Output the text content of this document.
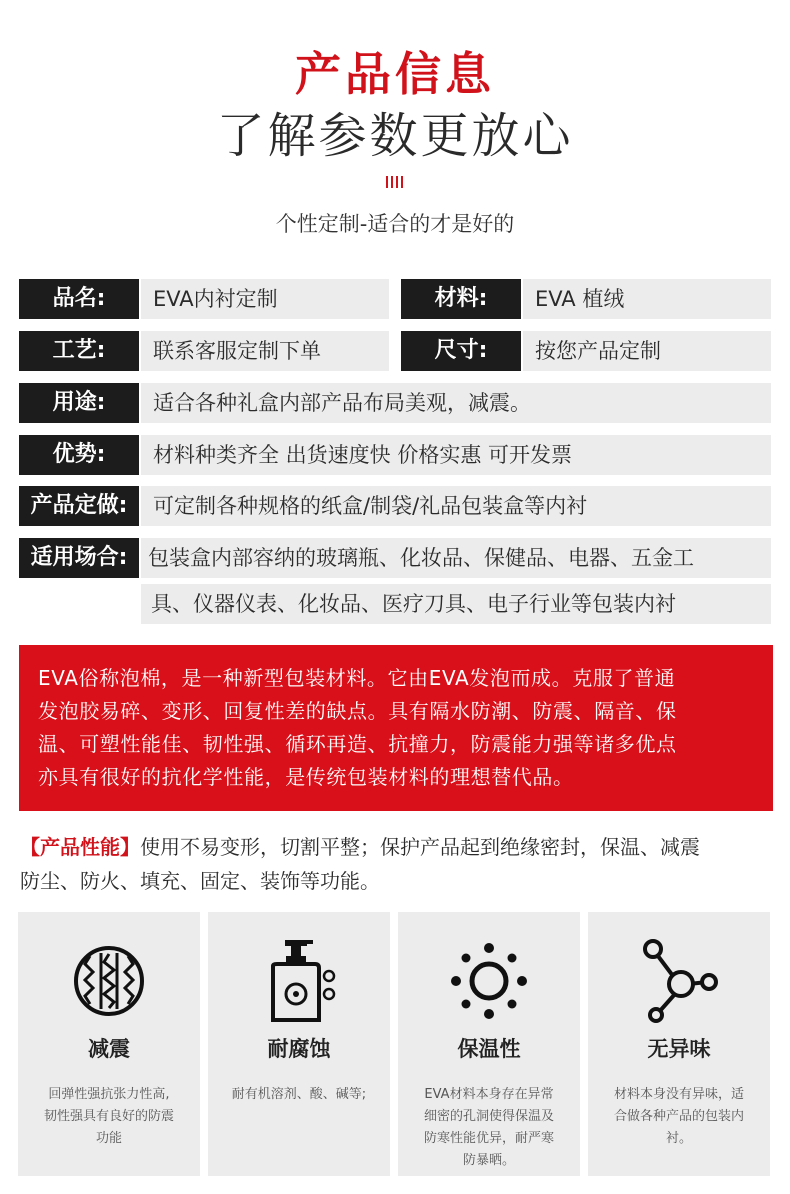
产品信息
了解参数更放心
个性定制-适合的才是好的
品名:	EVA内衬定制	材料:	EVA 植绒
工艺:	联系客服定制下单	尺寸:	按您产品定制
用途:	适合各种礼盒内部产品布局美观，减震。
优势:	材料种类齐全 出货速度快 价格实惠 可开发票
产品定做:	可定制各种规格的纸盒/制袋/礼品包装盒等内衬
适用场合: 包装盒内部容纳的玻璃瓶、化妆品、保健品、电器、五金工
具、仪器仪表、化妆品、医疗刀具、电子行业等包装内衬
EVA俗称泡棉，是一种新型包装材料。它由EVA发泡而成。克服了普通
发泡胶易碎、变形、回复性差的缺点。具有隔水防潮、防震、隔音、保
温、可塑性能佳、韧性强、循环再造、抗撞力，防震能力强等诸多优点
亦具有很好的抗化学性能，是传统包装材料的理想替代品。
【产品性能】使用不易变形，切割平整；保护产品起到绝缘密封，保温、减震
防尘、防火、填充、固定、装饰等功能。
减震
回弹性强抗张力性高,
韧性强具有良好的防震
功能
耐腐蚀
耐有机溶剂、酸、碱等;
保温性
EVA材料本身存在异常
细密的孔洞使得保温及
防寒性能优异，耐严寒
防暴晒。
无异味
材料本身没有异味，适
合做各种产品的包装内
衬。
